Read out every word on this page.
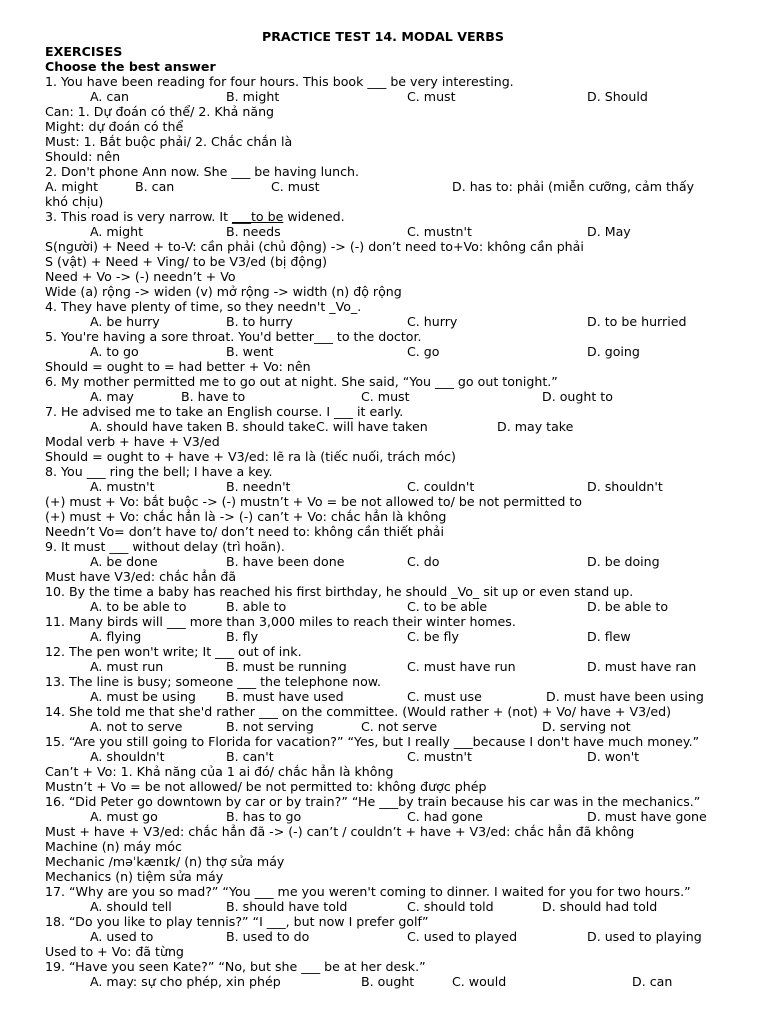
PRACTICE TEST 14. MODAL VERBS
EXERCISES
Choose the best answer
1. You have been reading for four hours. This book ___ be very interesting.
A. can	B. might	C. must	D. Should
Can: 1. Dự đoán có thể/ 2. Khả năng
Might: dự đoán có thể
Must: 1. Bắt buộc phải/ 2. Chắc chắn là
Should: nên
2. Don't phone Ann now. She ___ be having lunch.
A. might	B. can	C. must	D. has to: phải (miễn cưỡng, cảm thấy
khó chịu)
3. This road is very narrow. It ___to be widened.
A. might	B. needs	C. mustn't	D. May
S(người) + Need + to-V: cần phải (chủ động) -> (-) don’t need to+Vo: không cần phải
S (vật) + Need + Ving/ to be V3/ed (bị động)
Need + Vo -> (-) needn’t + Vo
Wide (a) rộng -> widen (v) mở rộng -> width (n) độ rộng
4. They have plenty of time, so they needn't _Vo_.
A. be hurry	B. to hurry	C. hurry	D. to be hurried
5. You're having a sore throat. You'd better___ to the doctor.
A. to go	B. went	C. go	D. going
Should = ought to = had better + Vo: nên
6. My mother permitted me to go out at night. She said, “You ___ go out tonight.”
A. may	B. have to	C. must	D. ought to
7. He advised me to take an English course. I ___ it early.
A. should have taken B. should take C. will have taken	D. may take
Modal verb + have + V3/ed
Should = ought to + have + V3/ed: lẽ ra là (tiếc nuối, trách móc)
8. You ___ ring the bell; I have a key.
A. mustn't	B. needn't	C. couldn't	D. shouldn't
(+) must + Vo: bắt buộc -> (-) mustn’t + Vo = be not allowed to/ be not permitted to
(+) must + Vo: chắc hẳn là -> (-) can’t + Vo: chắc hẳn là không
Needn’t Vo= don’t have to/ don’t need to: không cần thiết phải
9. It must ___ without delay (trì hoãn).
A. be done	B. have been done	C. do	D. be doing
Must have V3/ed: chắc hẳn đã
10. By the time a baby has reached his first birthday, he should _Vo_ sit up or even stand up.
A. to be able to	B. able to	C. to be able	D. be able to
11. Many birds will ___ more than 3,000 miles to reach their winter homes.
A. flying	B. fly	C. be fly	D. flew
12. The pen won't write; It ___ out of ink.
A. must run	B. must be running	C. must have run	D. must have ran
13. The line is busy; someone ___ the telephone now.
A. must be using B. must have used	C. must use	D. must have been using
14. She told me that she'd rather ___ on the committee. (Would rather + (not) + Vo/ have + V3/ed)
A. not to serve	B. not serving	C. not serve	D. serving not
15. “Are you still going to Florida for vacation?” “Yes, but I really ___because I don't have much money.”
A. shouldn't	B. can't	C. mustn't	D. won't
Can’t + Vo: 1. Khả năng của 1 ai đó/ chắc hẳn là không
Mustn’t + Vo = be not allowed/ be not permitted to: không được phép
16. “Did Peter go downtown by car or by train?” “He ___by train because his car was in the mechanics.”
A. must go	B. has to go	C. had gone	D. must have gone
Must + have + V3/ed: chắc hẳn đã -> (-) can’t / couldn’t + have + V3/ed: chắc hẳn đã không
Machine (n) máy móc
Mechanic /məˈkænɪk/ (n) thợ sửa máy
Mechanics (n) tiệm sửa máy
17. “Why are you so mad?” “You ___ me you weren't coming to dinner. I waited for you for two hours.”
A. should tell	B. should have told	C. should told	D. should had told
18. “Do you like to play tennis?” “I ___, but now I prefer golf”
A. used to	B. used to do	C. used to played	D. used to playing
Used to + Vo: đã từng
19. “Have you seen Kate?” “No, but she ___ be at her desk.”
A. may: sự cho phép, xin phép	B. ought	C. would	D. can
